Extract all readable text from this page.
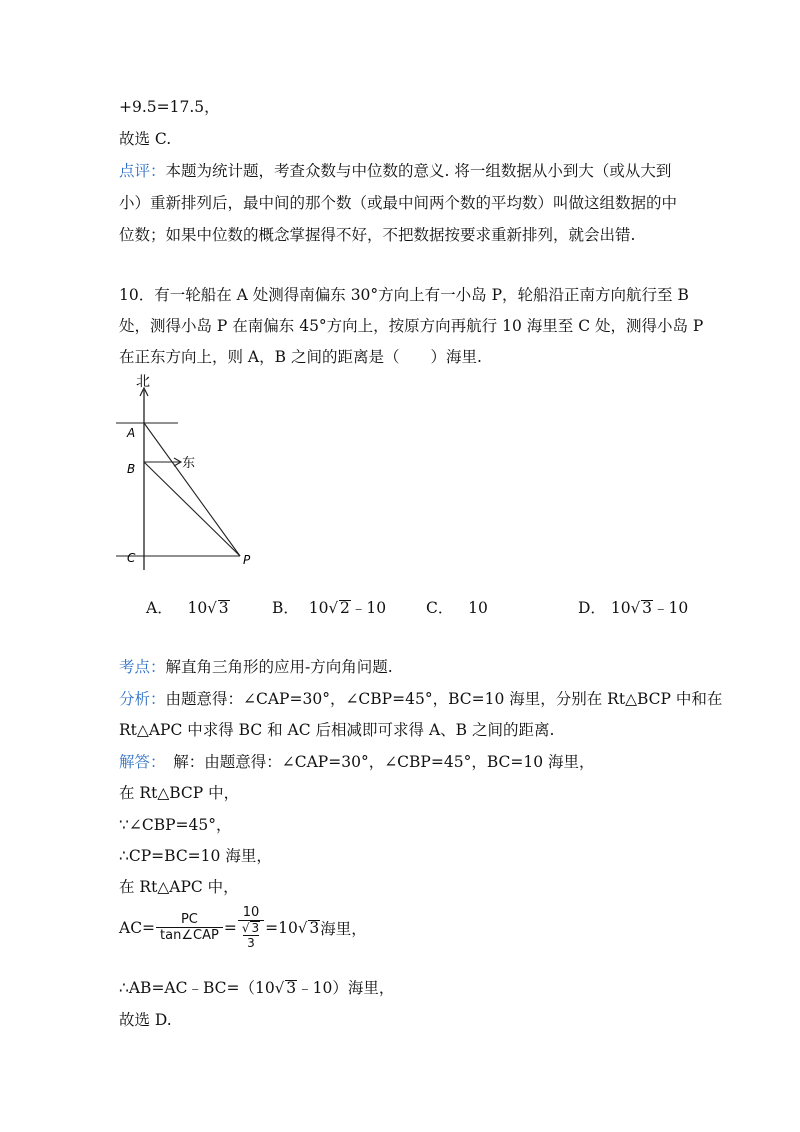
+9.5=17.5，
故选 C.
点评：本题为统计题，考查众数与中位数的意义. 将一组数据从小到大（或从大到
小）重新排列后，最中间的那个数（或最中间两个数的平均数）叫做这组数据的中
位数；如果中位数的概念掌握得不好，不把数据按要求重新排列，就会出错.
10．有一轮船在 A 处测得南偏东 30°方向上有一小岛 P，轮船沿正南方向航行至 B
处，测得小岛 P 在南偏东 45°方向上，按原方向再航行 10 海里至 C 处，测得小岛 P
在正东方向上，则 A，B 之间的距离是（　　）海里.
北
东
A
B
C	P
A． 10√ 3	B． 10√ 2﹣10	C． 10	D． 10√ 3﹣10
考点：解直角三角形的应用-方向角问题.
分析：由题意得：∠CAP=30°，∠CBP=45°，BC=10 海里，分别在 Rt△BCP 中和在
Rt△APC 中求得 BC 和 AC 后相减即可求得 A、B 之间的距离.
解答：　解：由题意得：∠CAP=30°，∠CBP=45°，BC=10 海里，
在 Rt△BCP 中，
∵∠CBP=45°，
∴CP=BC=10 海里，
在 Rt△APC 中，
$AC= \frac{PC}{\text{tan∠CAP}} = \frac{10}{\frac{√ 3}{3}} =10$ √ 3 海里，
∴AB=AC﹣BC=（10√ 3﹣10）海里，
故选 D.
